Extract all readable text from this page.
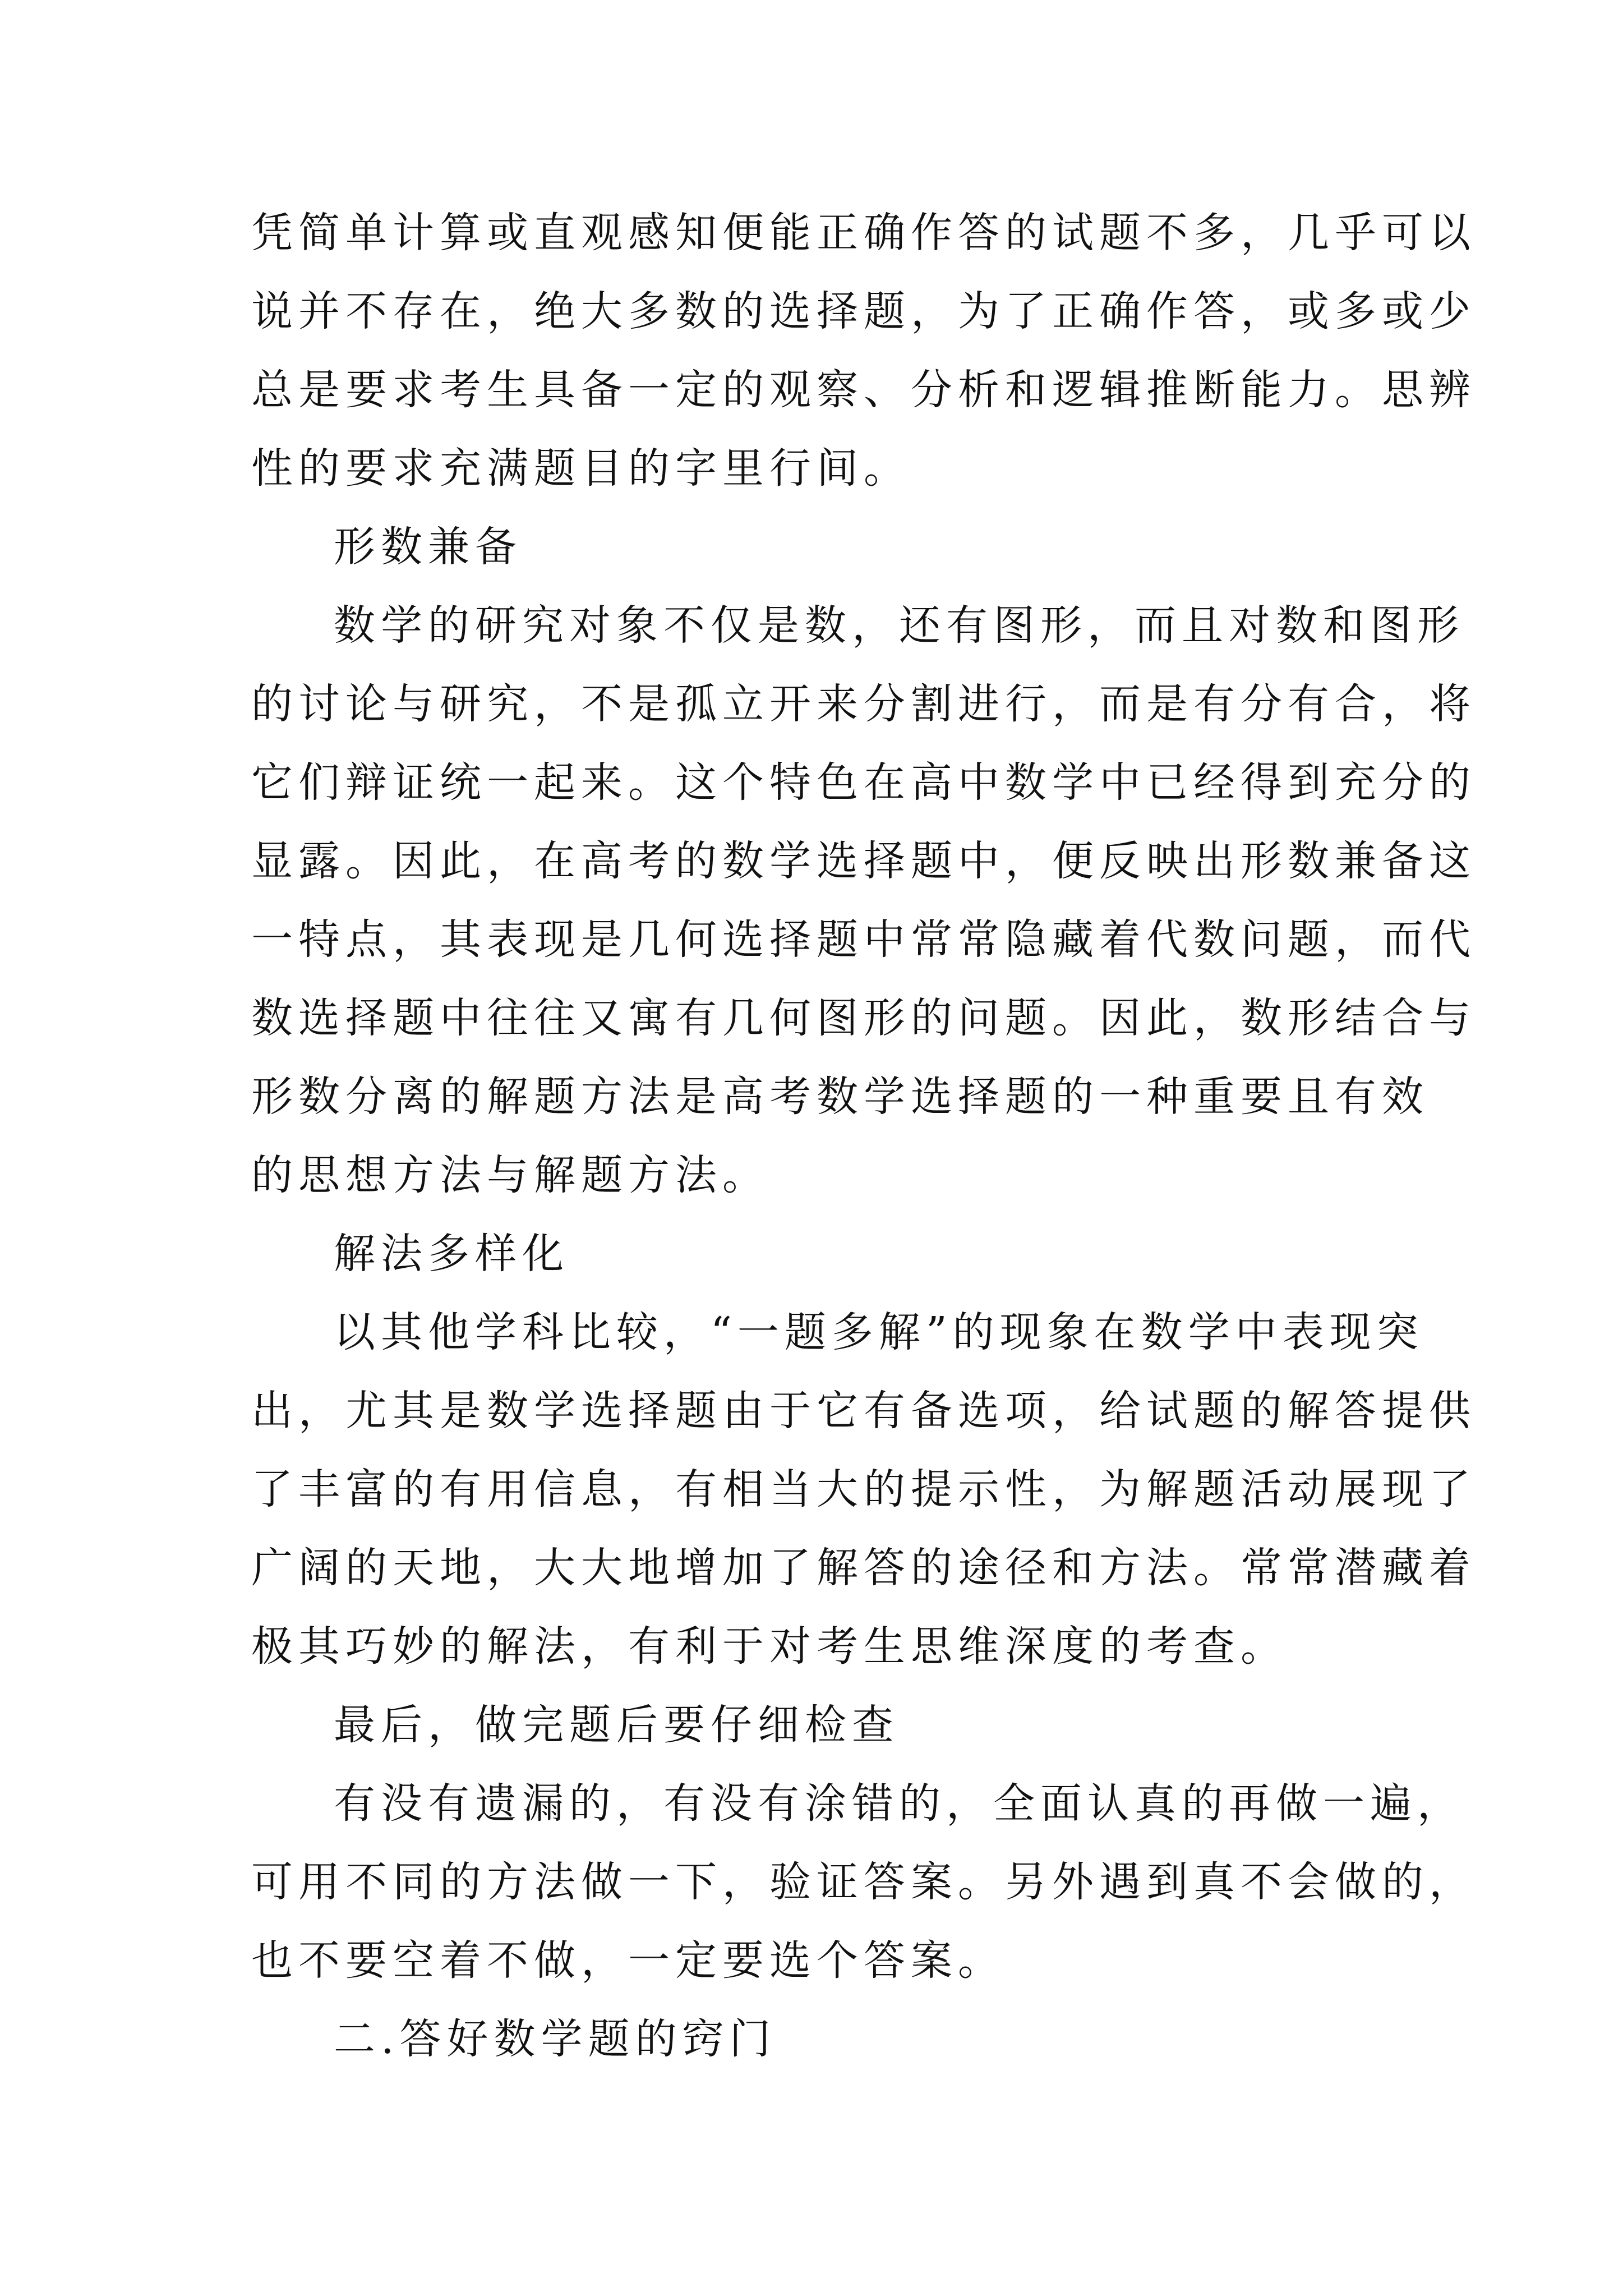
凭简单计算或直观感知便能正确作答的试题不多，几乎可以
说并不存在，绝大多数的选择题，为了正确作答，或多或少
总是要求考生具备一定的观察、分析和逻辑推断能力。思辨
性的要求充满题目的字里行间。
形数兼备
数学的研究对象不仅是数，还有图形，而且对数和图形
的讨论与研究，不是孤立开来分割进行，而是有分有合，将
它们辩证统一起来。这个特色在高中数学中已经得到充分的
显露。因此，在高考的数学选择题中，便反映出形数兼备这
一特点，其表现是几何选择题中常常隐藏着代数问题，而代
数选择题中往往又寓有几何图形的问题。因此，数形结合与
形数分离的解题方法是高考数学选择题的一种重要且有效
的思想方法与解题方法。
解法多样化
以其他学科比较，“一题多解”的现象在数学中表现突
出，尤其是数学选择题由于它有备选项，给试题的解答提供
了丰富的有用信息，有相当大的提示性，为解题活动展现了
广阔的天地，大大地增加了解答的途径和方法。常常潜藏着
极其巧妙的解法，有利于对考生思维深度的考查。
最后，做完题后要仔细检查
有没有遗漏的，有没有涂错的，全面认真的再做一遍，
可用不同的方法做一下，验证答案。另外遇到真不会做的，
也不要空着不做，一定要选个答案。
二.答好数学题的窍门
